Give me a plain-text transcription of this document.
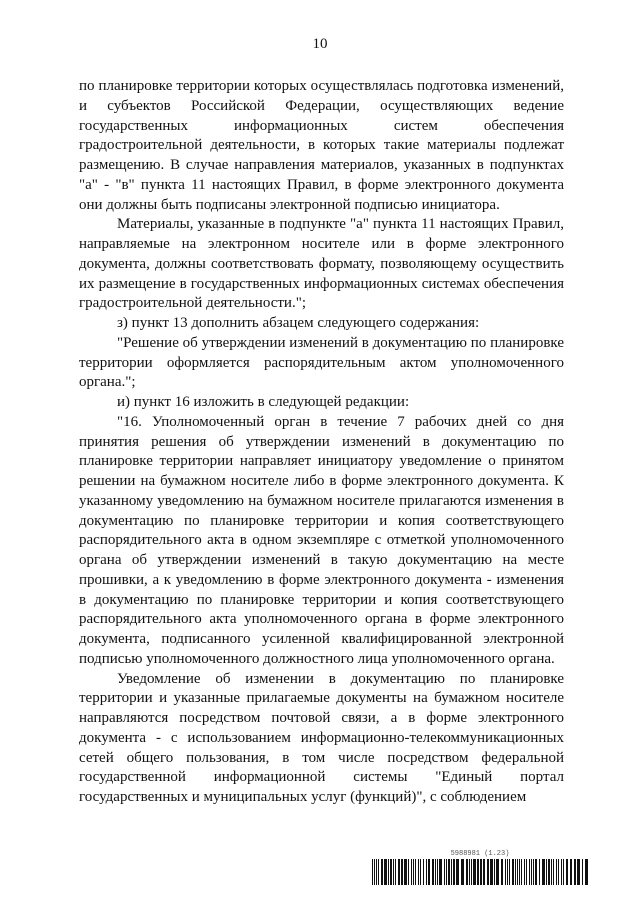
10

по планировке территории которых осуществлялась подготовка изменений, и субъектов Российской Федерации, осуществляющих ведение государственных информационных систем обеспечения градостроительной деятельности, в которых такие материалы подлежат размещению. В случае направления материалов, указанных в подпунктах "а" - "в" пункта 11 настоящих Правил, в форме электронного документа они должны быть подписаны электронной подписью инициатора.

Материалы, указанные в подпункте "а" пункта 11 настоящих Правил, направляемые на электронном носителе или в форме электронного документа, должны соответствовать формату, позволяющему осуществить их размещение в государственных информационных системах обеспечения градостроительной деятельности.";

з) пункт 13 дополнить абзацем следующего содержания:

"Решение об утверждении изменений в документацию по планировке территории оформляется распорядительным актом уполномоченного органа.";

и) пункт 16 изложить в следующей редакции:

"16. Уполномоченный орган в течение 7 рабочих дней со дня принятия решения об утверждении изменений в документацию по планировке территории направляет инициатору уведомление о принятом решении на бумажном носителе либо в форме электронного документа. К указанному уведомлению на бумажном носителе прилагаются изменения в документацию по планировке территории и копия соответствующего распорядительного акта в одном экземпляре с отметкой уполномоченного органа об утверждении изменений в такую документацию на месте прошивки, а к уведомлению в форме электронного документа - изменения в документацию по планировке территории и копия соответствующего распорядительного акта уполномоченного органа в форме электронного документа, подписанного усиленной квалифицированной электронной подписью уполномоченного должностного лица уполномоченного органа.

Уведомление об изменении в документацию по планировке территории и указанные прилагаемые документы на бумажном носителе направляются посредством почтовой связи, а в форме электронного документа - с использованием информационно-телекоммуникационных сетей общего пользования, в том числе посредством федеральной государственной информационной системы "Единый портал государственных и муниципальных услуг (функций)", с соблюдением

5988981 (1.23)
